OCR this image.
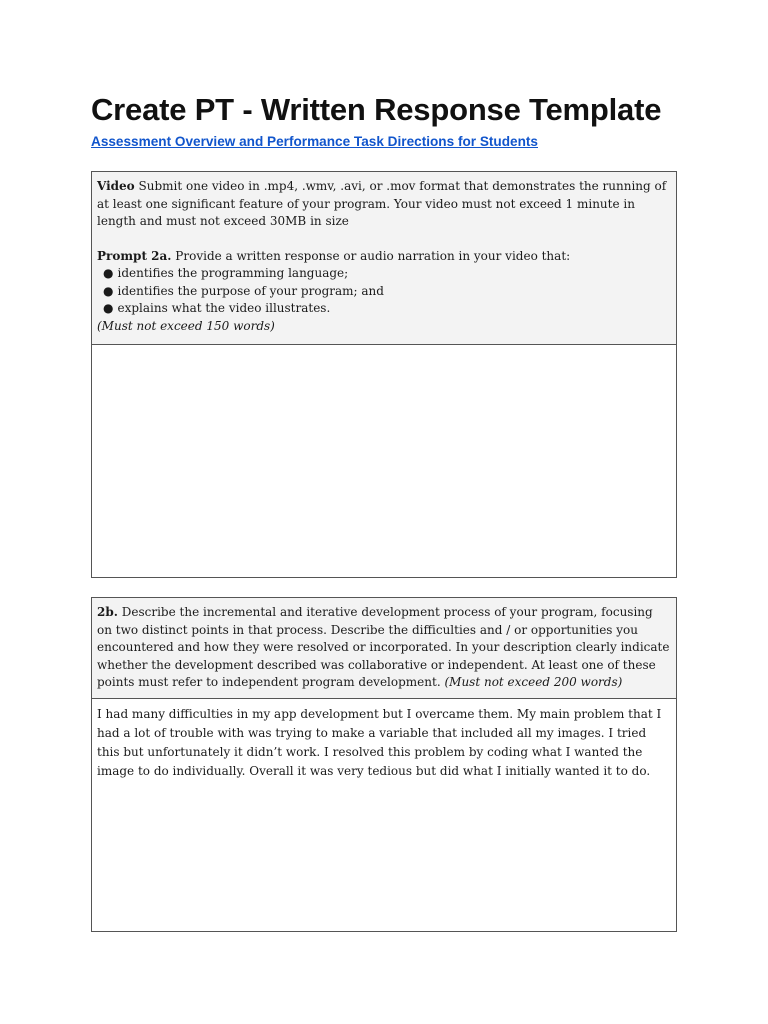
Create PT - Written Response Template
Assessment Overview and Performance Task Directions for Students

Video Submit one video in .mp4, .wmv, .avi, or .mov format that demonstrates the running of at least one significant feature of your program. Your video must not exceed 1 minute in length and must not exceed 30MB in size

Prompt 2a. Provide a written response or audio narration in your video that:

● identifies the programming language;
● identifies the purpose of your program; and
● explains what the video illustrates.

(Must not exceed 150 words)

2b. Describe the incremental and iterative development process of your program, focusing on two distinct points in that process. Describe the difficulties and / or opportunities you encountered and how they were resolved or incorporated. In your description clearly indicate whether the development described was collaborative or independent. At least one of these points must refer to independent program development. (Must not exceed 200 words)

I had many difficulties in my app development but I overcame them. My main problem that I had a lot of trouble with was trying to make a variable that included all my images. I tried this but unfortunately it didn’t work. I resolved this problem by coding what I wanted the image to do individually. Overall it was very tedious but did what I initially wanted it to do.
